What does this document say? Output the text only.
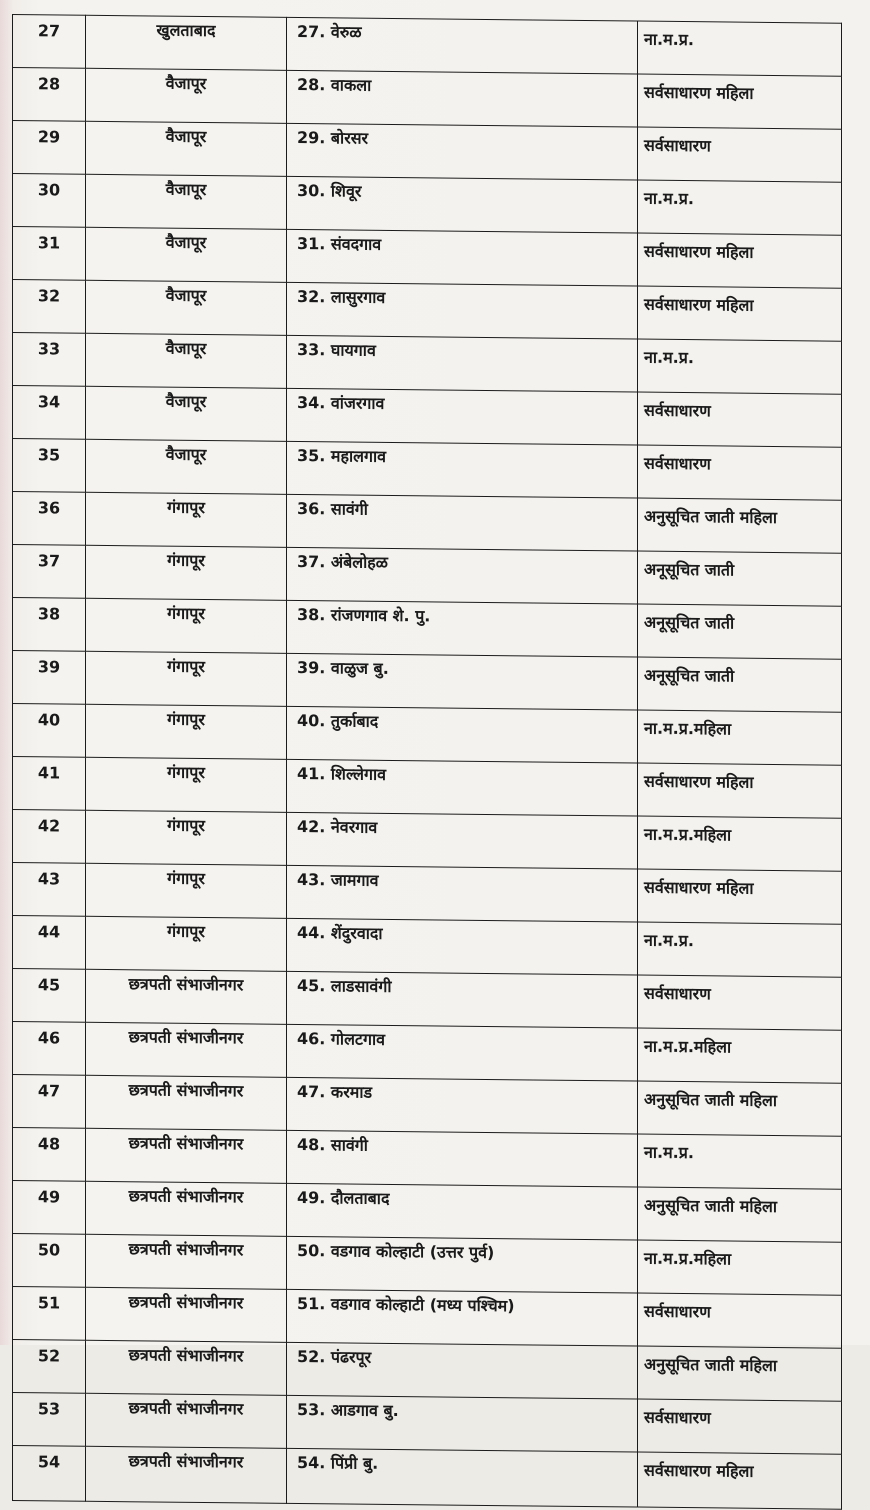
27	खुलताबाद	27. वेरुळ	ना.म.प्र.
28	वैजापूर	28. वाकला	सर्वसाधारण महिला
29	वैजापूर	29. बोरसर	सर्वसाधारण
30	वैजापूर	30. शिवूर	ना.म.प्र.
31	वैजापूर	31. संवदगाव	सर्वसाधारण महिला
32	वैजापूर	32. लासुरगाव	सर्वसाधारण महिला
33	वैजापूर	33. घायगाव	ना.म.प्र.
34	वैजापूर	34. वांजरगाव	सर्वसाधारण
35	वैजापूर	35. महालगाव	सर्वसाधारण
36	गंगापूर	36. सावंगी	अनुसूचित जाती महिला
37	गंगापूर	37. अंबेलोहळ	अनूसूचित जाती
38	गंगापूर	38. रांजणगाव शे. पु.	अनूसूचित जाती
39	गंगापूर	39. वाळुज बु.	अनूसूचित जाती
40	गंगापूर	40. तुर्काबाद	ना.म.प्र.महिला
41	गंगापूर	41. शिल्लेगाव	सर्वसाधारण महिला
42	गंगापूर	42. नेवरगाव	ना.म.प्र.महिला
43	गंगापूर	43. जामगाव	सर्वसाधारण महिला
44	गंगापूर	44. शेंदुरवादा	ना.म.प्र.
45	छत्रपती संभाजीनगर	45. लाडसावंगी	सर्वसाधारण
46	छत्रपती संभाजीनगर	46. गोलटगाव	ना.म.प्र.महिला
47	छत्रपती संभाजीनगर	47. करमाड	अनुसूचित जाती महिला
48	छत्रपती संभाजीनगर	48. सावंगी	ना.म.प्र.
49	छत्रपती संभाजीनगर	49. दौलताबाद	अनुसूचित जाती महिला
50	छत्रपती संभाजीनगर	50. वडगाव कोल्हाटी (उत्तर पुर्व)	ना.म.प्र.महिला
51	छत्रपती संभाजीनगर	51. वडगाव कोल्हाटी (मध्य पश्चिम)	सर्वसाधारण
52	छत्रपती संभाजीनगर	52. पंढरपूर	अनुसूचित जाती महिला
53	छत्रपती संभाजीनगर	53. आडगाव बु.	सर्वसाधारण
54	छत्रपती संभाजीनगर	54. पिंप्री बु.	सर्वसाधारण महिला
